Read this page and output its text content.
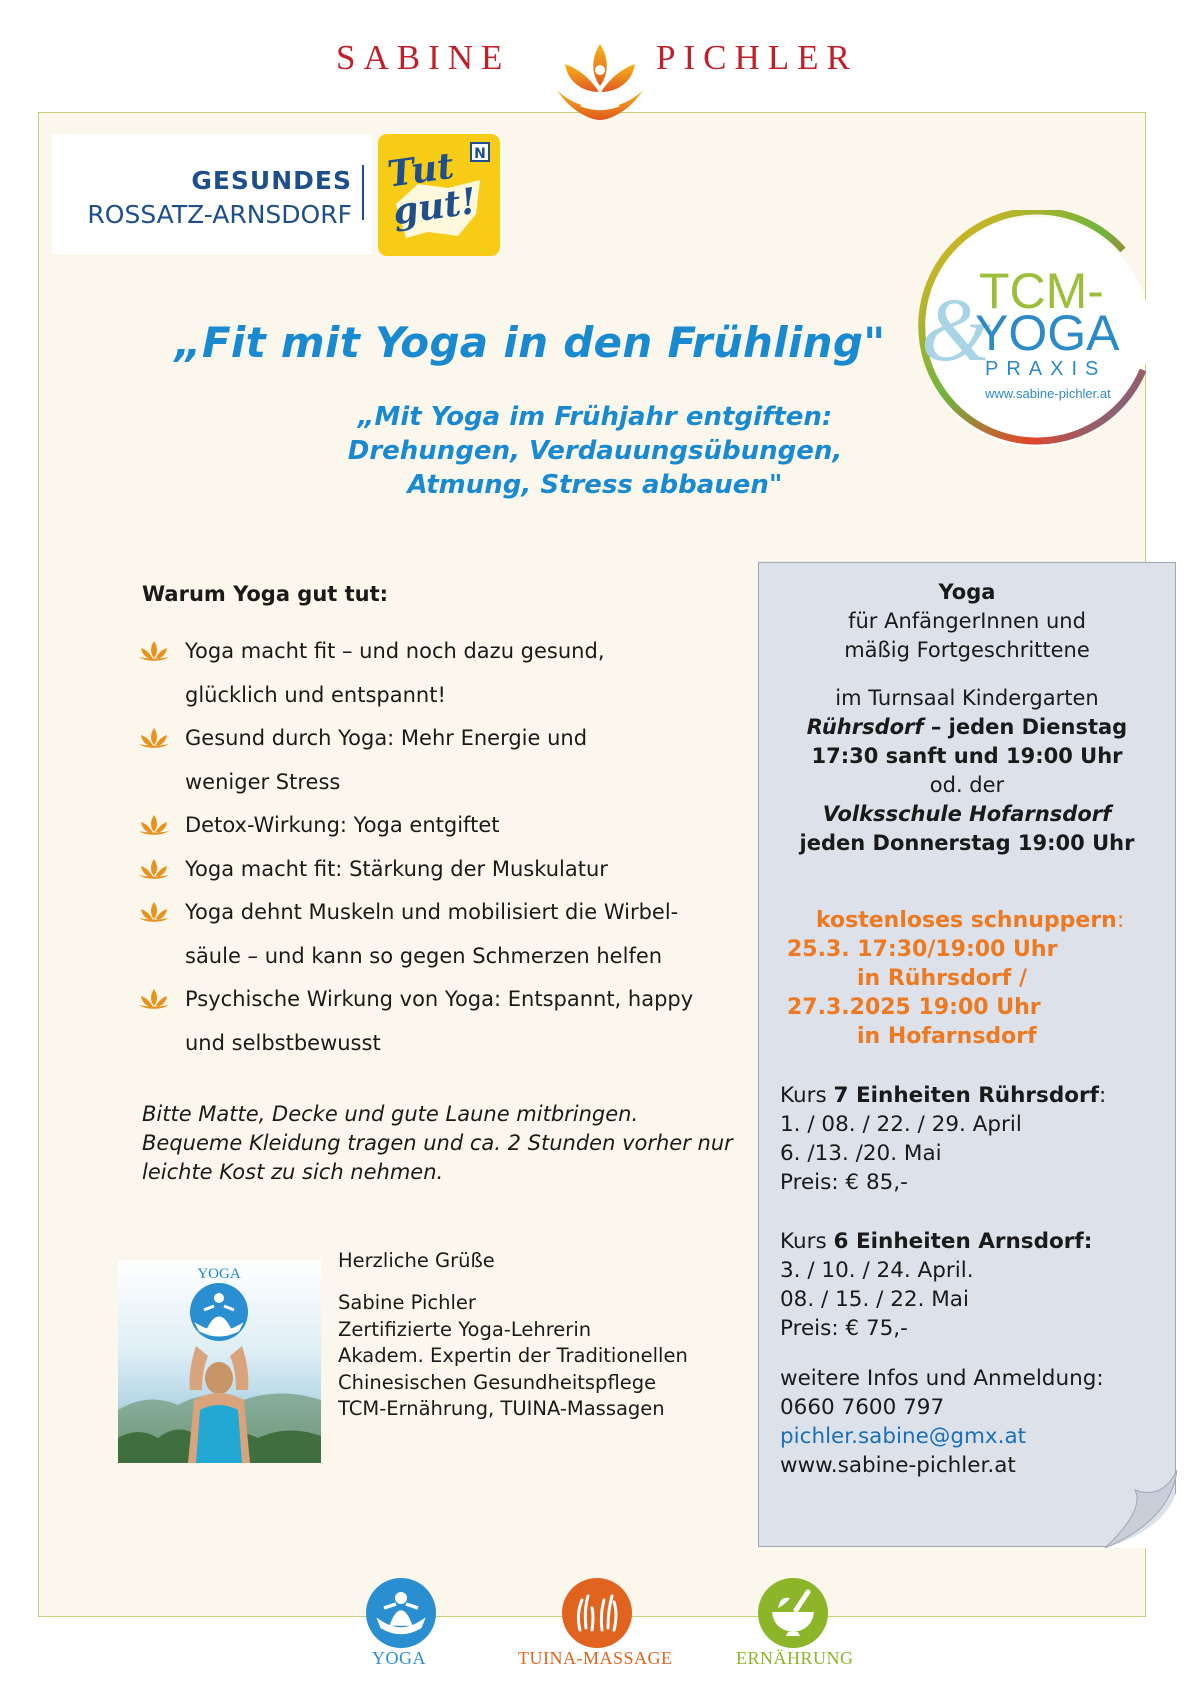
SABINE	PICHLER
GESUNDES
ROSSATZ-ARNSDORF
N
Tut gut!
&
TCM-
YOGA
PRAXIS
www.sabine-pichler.at
„Fit mit Yoga in den Frühling"
„Mit Yoga im Frühjahr entgiften:
Drehungen, Verdauungsübungen,
Atmung, Stress abbauen"
Warum Yoga gut tut:
Yoga macht fit – und noch dazu gesund,
glücklich und entspannt!
Gesund durch Yoga: Mehr Energie und
weniger Stress
Detox-Wirkung: Yoga entgiftet
Yoga macht fit: Stärkung der Muskulatur
Yoga dehnt Muskeln und mobilisiert die Wirbel-
säule – und kann so gegen Schmerzen helfen
Psychische Wirkung von Yoga: Entspannt, happy
und selbstbewusst
Bitte Matte, Decke und gute Laune mitbringen.
Bequeme Kleidung tragen und ca. 2 Stunden vorher nur
leichte Kost zu sich nehmen.
YOGA
Herzliche Grüße
Sabine Pichler
Zertifizierte Yoga-Lehrerin
Akadem. Expertin der Traditionellen
Chinesischen Gesundheitspflege
TCM-Ernährung, TUINA-Massagen
Yoga
für AnfängerInnen und
mäßig Fortgeschrittene
im Turnsaal Kindergarten
Rührsdorf – jeden Dienstag
17:30 sanft und 19:00 Uhr
od. der
Volksschule Hofarnsdorf
jeden Donnerstag 19:00 Uhr
kostenloses schnuppern:
25.3. 17:30/19:00 Uhr
in Rührsdorf /
27.3.2025 19:00 Uhr
in Hofarnsdorf
Kurs 7 Einheiten Rührsdorf:
1. / 08. / 22. / 29. April
6. /13. /20. Mai
Preis: € 85,-
Kurs 6 Einheiten Arnsdorf:
3. / 10. / 24. April.
08. / 15. / 22. Mai
Preis: € 75,-
weitere Infos und Anmeldung:
0660 7600 797
pichler.sabine@gmx.at
www.sabine-pichler.at
YOGA	TUINA-MASSAGE	ERNÄHRUNG
